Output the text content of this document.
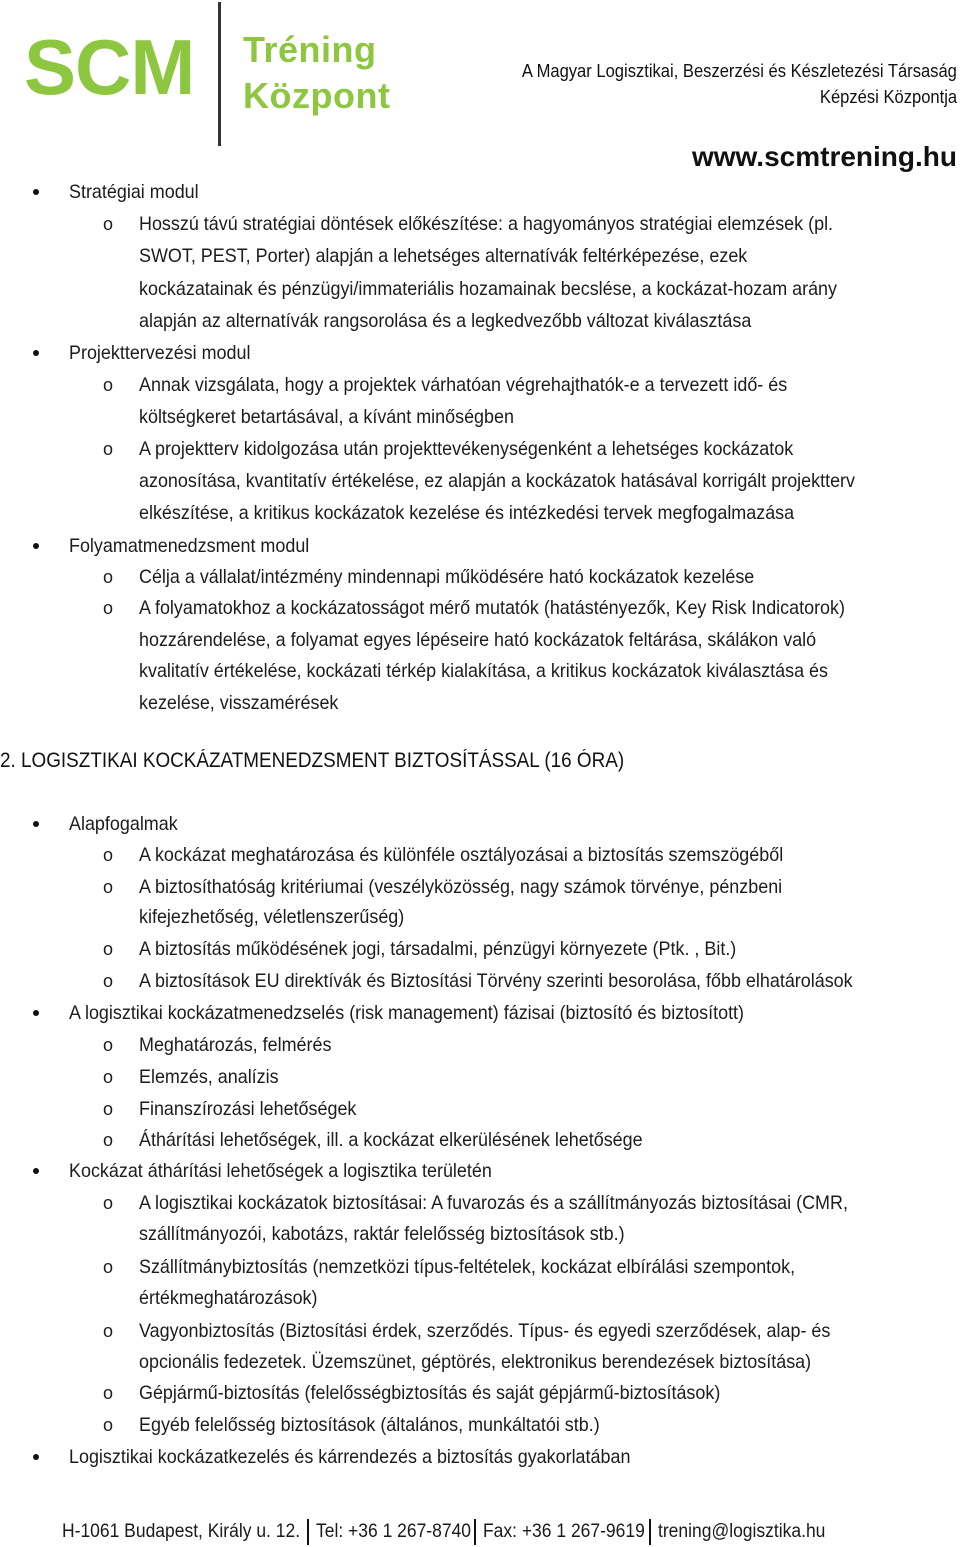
SCM Tréning
Központ
A Magyar Logisztikai, Beszerzési és Készletezési Társaság
Képzési Központja
www.scmtrening.hu
Stratégiai modul
o Hosszú távú stratégiai döntések előkészítése: a hagyományos stratégiai elemzések (pl.
SWOT, PEST, Porter) alapján a lehetséges alternatívák feltérképezése, ezek
kockázatainak és pénzügyi/immateriális hozamainak becslése, a kockázat-hozam arány
alapján az alternatívák rangsorolása és a legkedvezőbb változat kiválasztása
Projekttervezési modul
o Annak vizsgálata, hogy a projektek várhatóan végrehajthatók-e a tervezett idő- és
költségkeret betartásával, a kívánt minőségben
o A projektterv kidolgozása után projekttevékenységenként a lehetséges kockázatok
azonosítása, kvantitatív értékelése, ez alapján a kockázatok hatásával korrigált projektterv
elkészítése, a kritikus kockázatok kezelése és intézkedési tervek megfogalmazása
Folyamatmenedzsment modul
o Célja a vállalat/intézmény mindennapi működésére ható kockázatok kezelése
o A folyamatokhoz a kockázatosságot mérő mutatók (hatástényezők, Key Risk Indicatorok)
hozzárendelése, a folyamat egyes lépéseire ható kockázatok feltárása, skálákon való
kvalitatív értékelése, kockázati térkép kialakítása, a kritikus kockázatok kiválasztása és
kezelése, visszamérések
2. LOGISZTIKAI KOCKÁZATMENEDZSMENT BIZTOSÍTÁSSAL (16 ÓRA)
Alapfogalmak
o A kockázat meghatározása és különféle osztályozásai a biztosítás szemszögéből
o A biztosíthatóság kritériumai (veszélyközösség, nagy számok törvénye, pénzbeni
kifejezhetőség, véletlenszerűség)
o A biztosítás működésének jogi, társadalmi, pénzügyi környezete (Ptk. , Bit.)
o A biztosítások EU direktívák és Biztosítási Törvény szerinti besorolása, főbb elhatárolások
A logisztikai kockázatmenedzselés (risk management) fázisai (biztosító és biztosított)
o Meghatározás, felmérés
o Elemzés, analízis
o Finanszírozási lehetőségek
o Áthárítási lehetőségek, ill. a kockázat elkerülésének lehetősége
Kockázat áthárítási lehetőségek a logisztika területén
o A logisztikai kockázatok biztosításai: A fuvarozás és a szállítmányozás biztosításai (CMR,
szállítmányozói, kabotázs, raktár felelősség biztosítások stb.)
o Szállítmánybiztosítás (nemzetközi típus-feltételek, kockázat elbírálási szempontok,
értékmeghatározások)
o Vagyonbiztosítás (Biztosítási érdek, szerződés. Típus- és egyedi szerződések, alap- és
opcionális fedezetek. Üzemszünet, géptörés, elektronikus berendezések biztosítása)
o Gépjármű-biztosítás (felelősségbiztosítás és saját gépjármű-biztosítások)
o Egyéb felelősség biztosítások (általános, munkáltatói stb.)
Logisztikai kockázatkezelés és kárrendezés a biztosítás gyakorlatában
H-1061 Budapest, Király u. 12. Tel: +36 1 267-8740 Fax: +36 1 267-9619 trening@logisztika.hu
